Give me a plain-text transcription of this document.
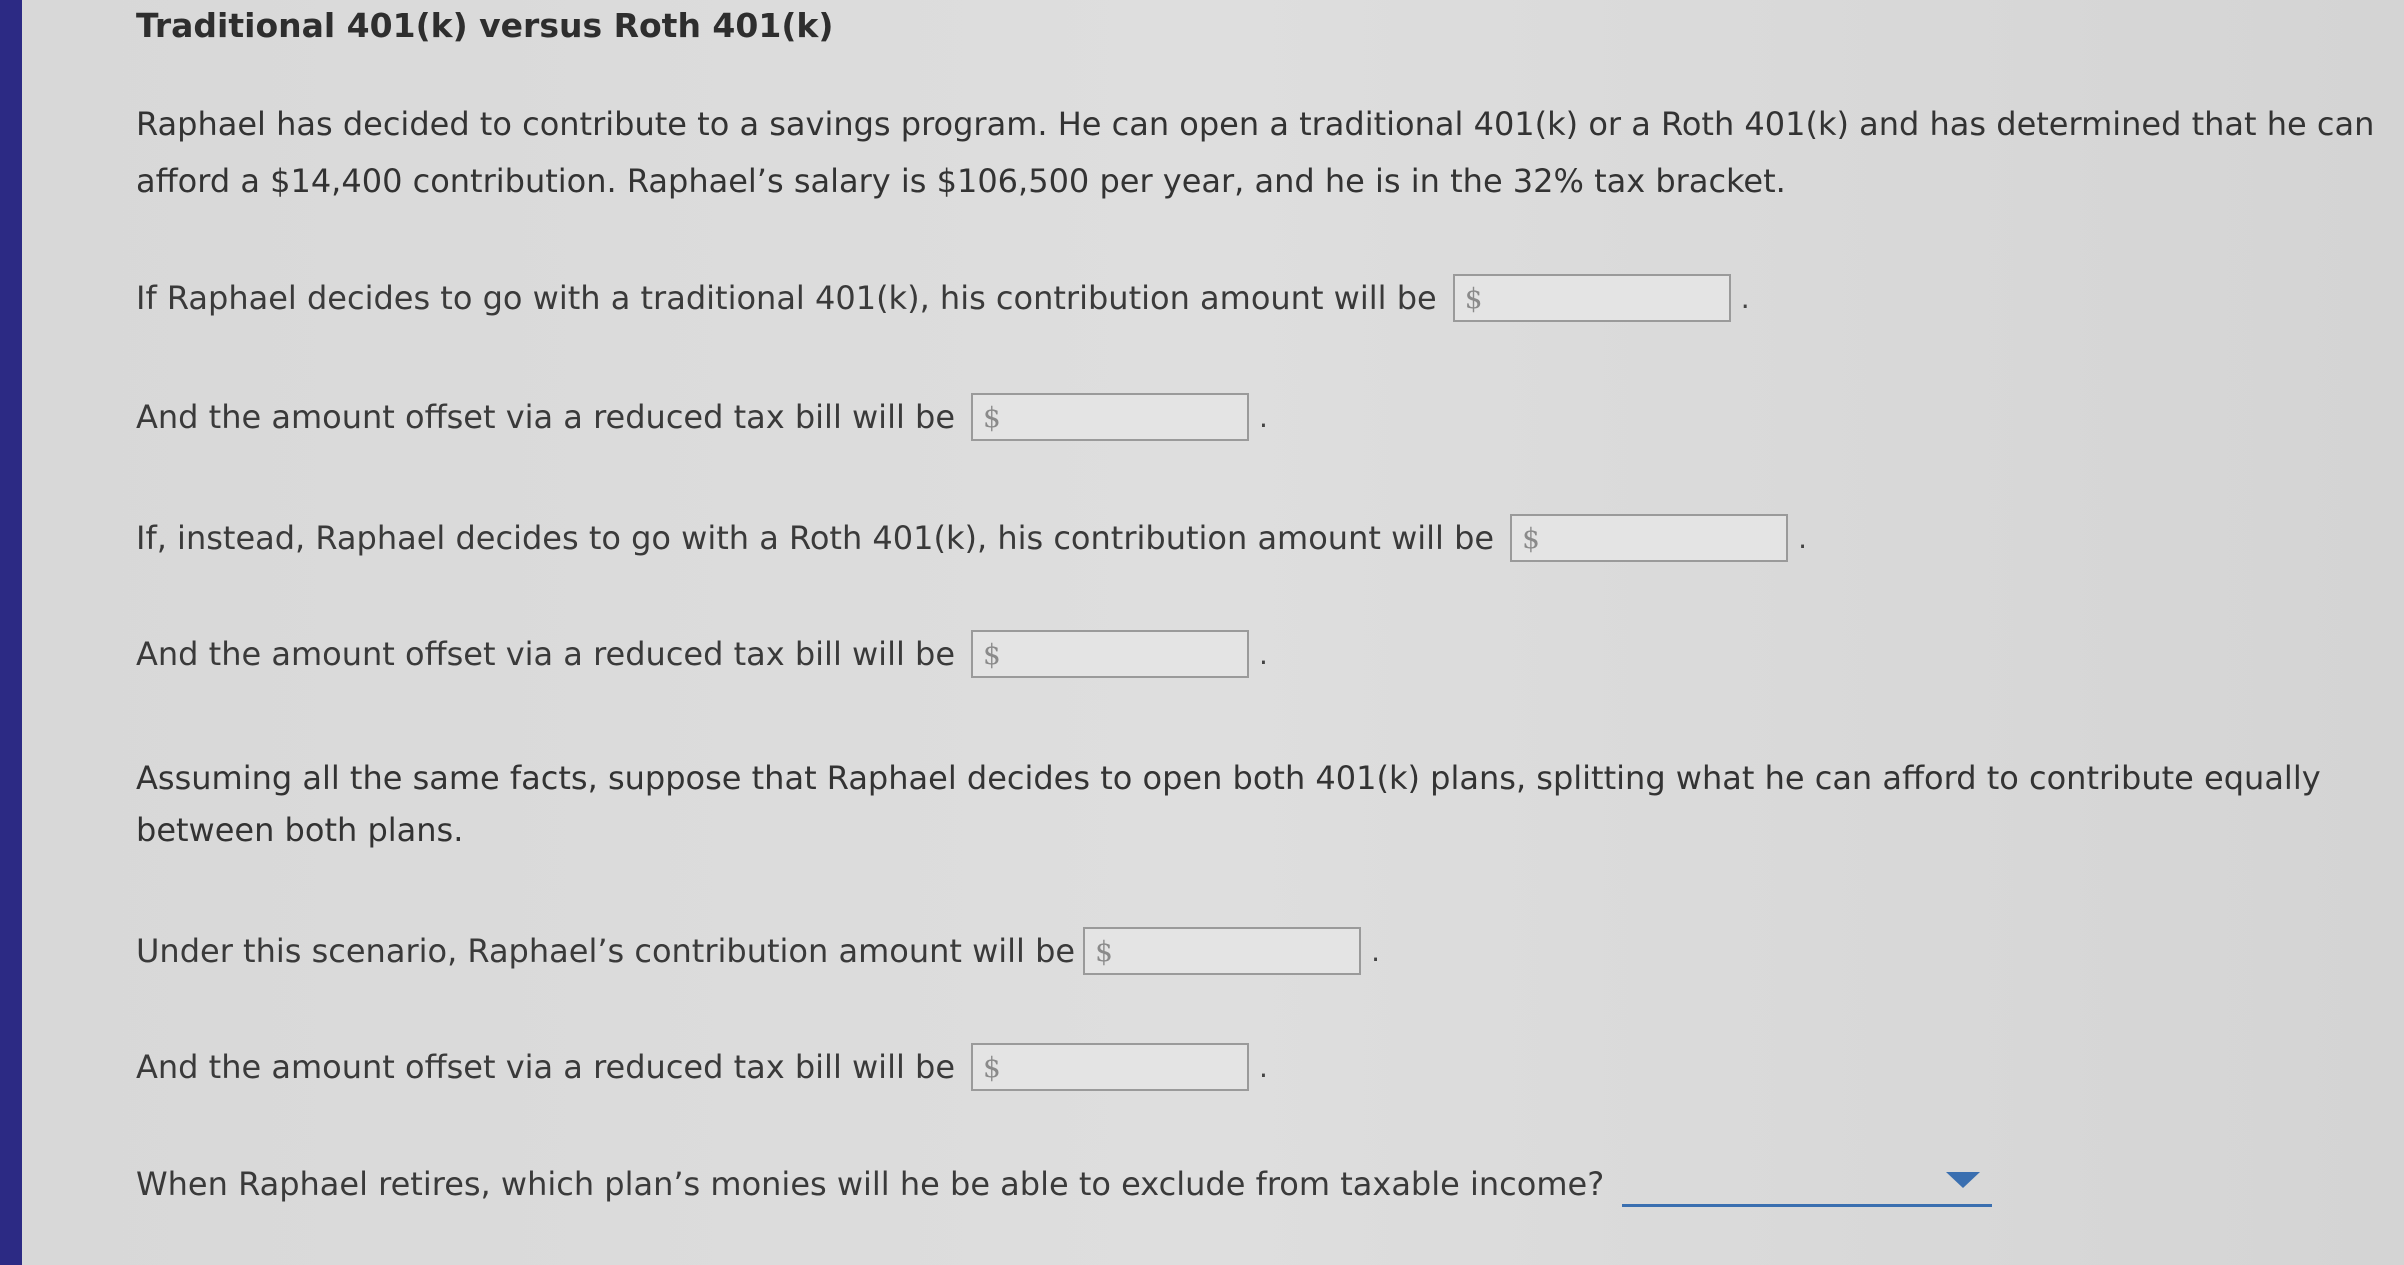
Traditional 401(k) versus Roth 401(k)
Raphael has decided to contribute to a savings program. He can open a traditional 401(k) or a Roth 401(k) and has determined that he can afford a $14,400 contribution. Raphael’s salary is $106,500 per year, and he is in the 32% tax bracket.
If Raphael decides to go with a traditional 401(k), his contribution amount will be $	.
And the amount offset via a reduced tax bill will be $	.
If, instead, Raphael decides to go with a Roth 401(k), his contribution amount will be $	.
And the amount offset via a reduced tax bill will be $	.
Assuming all the same facts, suppose that Raphael decides to open both 401(k) plans, splitting what he can afford to contribute equally between both plans.
Under this scenario, Raphael’s contribution amount will be $	.
And the amount offset via a reduced tax bill will be $	.
When Raphael retires, which plan’s monies will he be able to exclude from taxable income?
